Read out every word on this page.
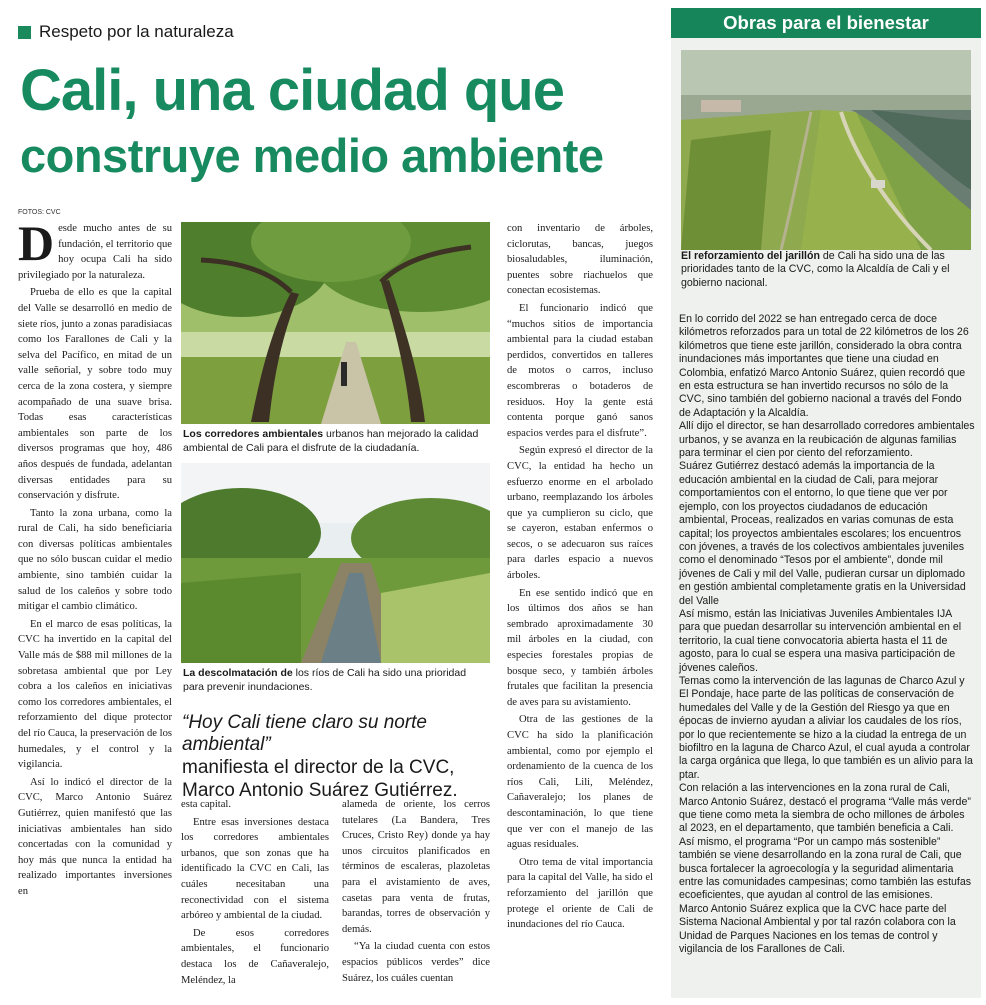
Respeto por la naturaleza
Cali, una ciudad que
construye medio ambiente
FOTOS: CVC

Desde mucho antes de su fundación, el territorio que hoy ocupa Cali ha sido privilegiado por la naturaleza.

Prueba de ello es que la capital del Valle se desarrolló en medio de siete ríos, junto a zonas paradisiacas como los Farallones de Cali y la selva del Pacífico, en mitad de un valle señorial, y sobre todo muy cerca de la zona costera, y siempre acompañado de una suave brisa. Todas esas características ambientales son parte de los diversos programas que hoy, 486 años después de fundada, adelantan diversas entidades para su conservación y disfrute.

Tanto la zona urbana, como la rural de Cali, ha sido beneficiaria con diversas políticas ambientales que no sólo buscan cuidar el medio ambiente, sino también cuidar la salud de los caleños y sobre todo mitigar el cambio climático.

En el marco de esas políticas, la CVC ha invertido en la capital del Valle más de $88 mil millones de la sobretasa ambiental que por Ley cobra a los caleños en iniciativas como los corredores ambientales, el reforzamiento del dique protector del río Cauca, la preservación de los humedales, y el control y la vigilancia.

Así lo indicó el director de la CVC, Marco Antonio Suárez Gutiérrez, quien manifestó que las iniciativas ambientales han sido concertadas con la comunidad y hoy más que nunca la entidad ha realizado importantes inversiones en

Los corredores ambientales urbanos han mejorado la calidad ambiental de Cali para el disfrute de la ciudadanía.
La descolmatación de los ríos de Cali ha sido una prioridad para prevenir inundaciones.
“Hoy Cali tiene claro su norte ambiental”
manifiesta el director de la CVC, Marco Antonio Suárez Gutiérrez.

esta capital.

Entre esas inversiones destaca los corredores ambientales urbanos, que son zonas que ha identificado la CVC en Cali, las cuáles necesitaban una reconectividad con el sistema arbóreo y ambiental de la ciudad.

De esos corredores ambientales, el funcionario destaca los de Cañaveralejo, Meléndez, la

alameda de oriente, los cerros tutelares (La Bandera, Tres Cruces, Cristo Rey) donde ya hay unos circuitos planificados en términos de escaleras, plazoletas para el avistamiento de aves, casetas para venta de frutas, barandas, torres de observación y demás.

“Ya la ciudad cuenta con estos espacios públicos verdes” dice Suárez, los cuáles cuentan

con inventario de árboles, ciclorutas, bancas, juegos biosaludables, iluminación, puentes sobre riachuelos que conectan ecosistemas.

El funcionario indicó que “muchos sitios de importancia ambiental para la ciudad estaban perdidos, convertidos en talleres de motos o carros, incluso escombreras o botaderos de residuos. Hoy la gente está contenta porque ganó sanos espacios verdes para el disfrute”.

Según expresó el director de la CVC, la entidad ha hecho un esfuerzo enorme en el arbolado urbano, reemplazando los árboles que ya cumplieron su ciclo, que se cayeron, estaban enfermos o secos, o se adecuaron sus raíces para darles espacio a nuevos árboles.

En ese sentido indicó que en los últimos dos años se han sembrado aproximadamente 30 mil árboles en la ciudad, con especies forestales propias de bosque seco, y también árboles frutales que facilitan la presencia de aves para su avistamiento.

Otra de las gestiones de la CVC ha sido la planificación ambiental, como por ejemplo el ordenamiento de la cuenca de los ríos Cali, Lili, Meléndez, Cañaveralejo; los planes de descontaminación, lo que tiene que ver con el manejo de las aguas residuales.

Otro tema de vital importancia para la capital del Valle, ha sido el reforzamiento del jarillón que protege el oriente de Cali de inundaciones del río Cauca.

Obras para el bienestar
El reforzamiento del jarillón de Cali ha sido una de las prioridades tanto de la CVC, como la Alcaldía de Cali y el gobierno nacional.

En lo corrido del 2022 se han entregado cerca de doce kilómetros reforzados para un total de 22 kilómetros de los 26 kilómetros que tiene este jarillón, considerado la obra contra inundaciones más importantes que tiene una ciudad en Colombia, enfatizó Marco Antonio Suárez, quien recordó que en esta estructura se han invertido recursos no sólo de la CVC, sino también del gobierno nacional a través del Fondo de Adaptación y la Alcaldía.

Allí dijo el director, se han desarrollado corredores ambientales urbanos, y se avanza en la reubicación de algunas familias para terminar el cien por ciento del reforzamiento.

Suárez Gutiérrez destacó además la importancia de la educación ambiental en la ciudad de Cali, para mejorar comportamientos con el entorno, lo que tiene que ver por ejemplo, con los proyectos ciudadanos de educación ambiental, Proceas, realizados en varias comunas de esta capital; los proyectos ambientales escolares; los encuentros con jóvenes, a través de los colectivos ambientales juveniles como el denominado “Tesos por el ambiente”, donde mil jóvenes de Cali y mil del Valle, pudieran cursar un diplomado en gestión ambiental completamente gratis en la Universidad del Valle

Así mismo, están las Iniciativas Juveniles Ambientales IJA para que puedan desarrollar su intervención ambiental en el territorio, la cual tiene convocatoria abierta hasta el 11 de agosto, para lo cual se espera una masiva participación de jóvenes caleños.

Temas como la intervención de las lagunas de Charco Azul y El Pondaje, hace parte de las políticas de conservación de humedales del Valle y de la Gestión del Riesgo ya que en épocas de invierno ayudan a aliviar los caudales de los ríos, por lo que recientemente se hizo a la ciudad la entrega de un biofiltro en la laguna de Charco Azul, el cual ayuda a controlar la carga orgánica que llega, lo que también es un alivio para la ptar.

Con relación a las intervenciones en la zona rural de Cali, Marco Antonio Suárez, destacó el programa “Valle más verde” que tiene como meta la siembra de ocho millones de árboles al 2023, en el departamento, que también beneficia a Cali.

Así mismo, el programa “Por un campo más sostenible” también se viene desarrollando en la zona rural de Cali, que busca fortalecer la agroecología y la seguridad alimentaria entre las comunidades campesinas; como también las estufas ecoeficientes, que ayudan al control de las emisiones.

Marco Antonio Suárez explica que la CVC hace parte del Sistema Nacional Ambiental y por tal razón colabora con la Unidad de Parques Naciones en los temas de control y vigilancia de los Farallones de Cali.
